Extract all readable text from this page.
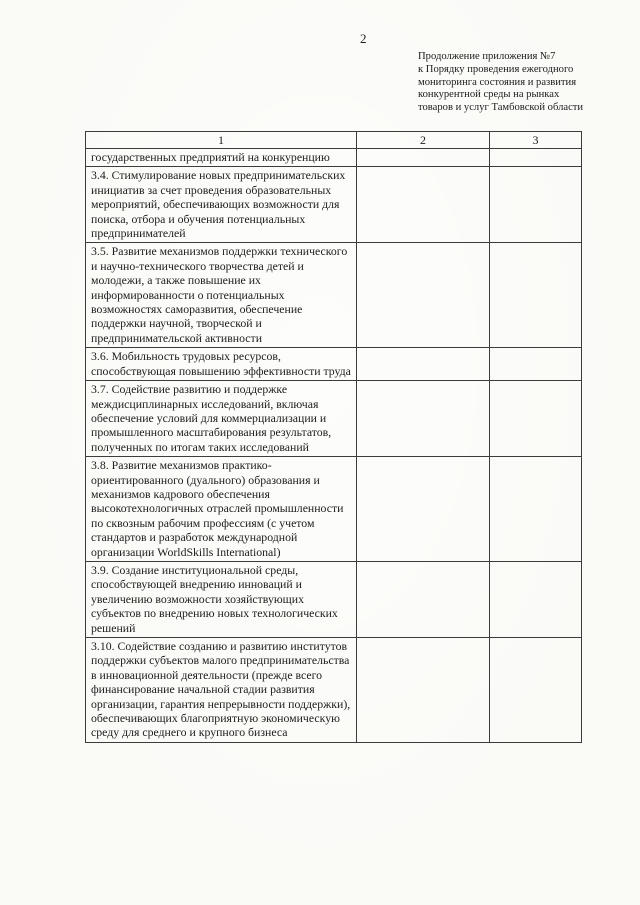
2
Продолжение приложения №7
к Порядку проведения ежегодного
мониторинга состояния и развития
конкурентной среды на рынках
товаров и услуг Тамбовской области
1	2	3
государственных предприятий на конкуренцию		
3.4. Стимулирование новых предпринимательских инициатив за счет проведения образовательных мероприятий, обеспечивающих возможности для поиска, отбора и обучения потенциальных предпринимателей		
3.5. Развитие механизмов поддержки технического и научно-технического творчества детей и молодежи, а также повышение их информированности о потенциальных возможностях саморазвития, обеспечение поддержки научной, творческой и предпринимательской активности		
3.6. Мобильность трудовых ресурсов, способствующая повышению эффективности труда		
3.7. Содействие развитию и поддержке междисциплинарных исследований, включая обеспечение условий для коммерциализации и промышленного масштабирования результатов, полученных по итогам таких исследований		
3.8. Развитие механизмов практико-ориентированного (дуального) образования и механизмов кадрового обеспечения высокотехнологичных отраслей промышленности по сквозным рабочим профессиям (с учетом стандартов и разработок международной организации WorldSkills International)		
3.9. Создание институциональной среды, способствующей внедрению инноваций и увеличению возможности хозяйствующих субъектов по внедрению новых технологических решений		
3.10. Содействие созданию и развитию институтов поддержки субъектов малого предпринимательства в инновационной деятельности (прежде всего финансирование начальной стадии развития организации, гарантия непрерывности поддержки), обеспечивающих благоприятную экономическую среду для среднего и крупного бизнеса		
